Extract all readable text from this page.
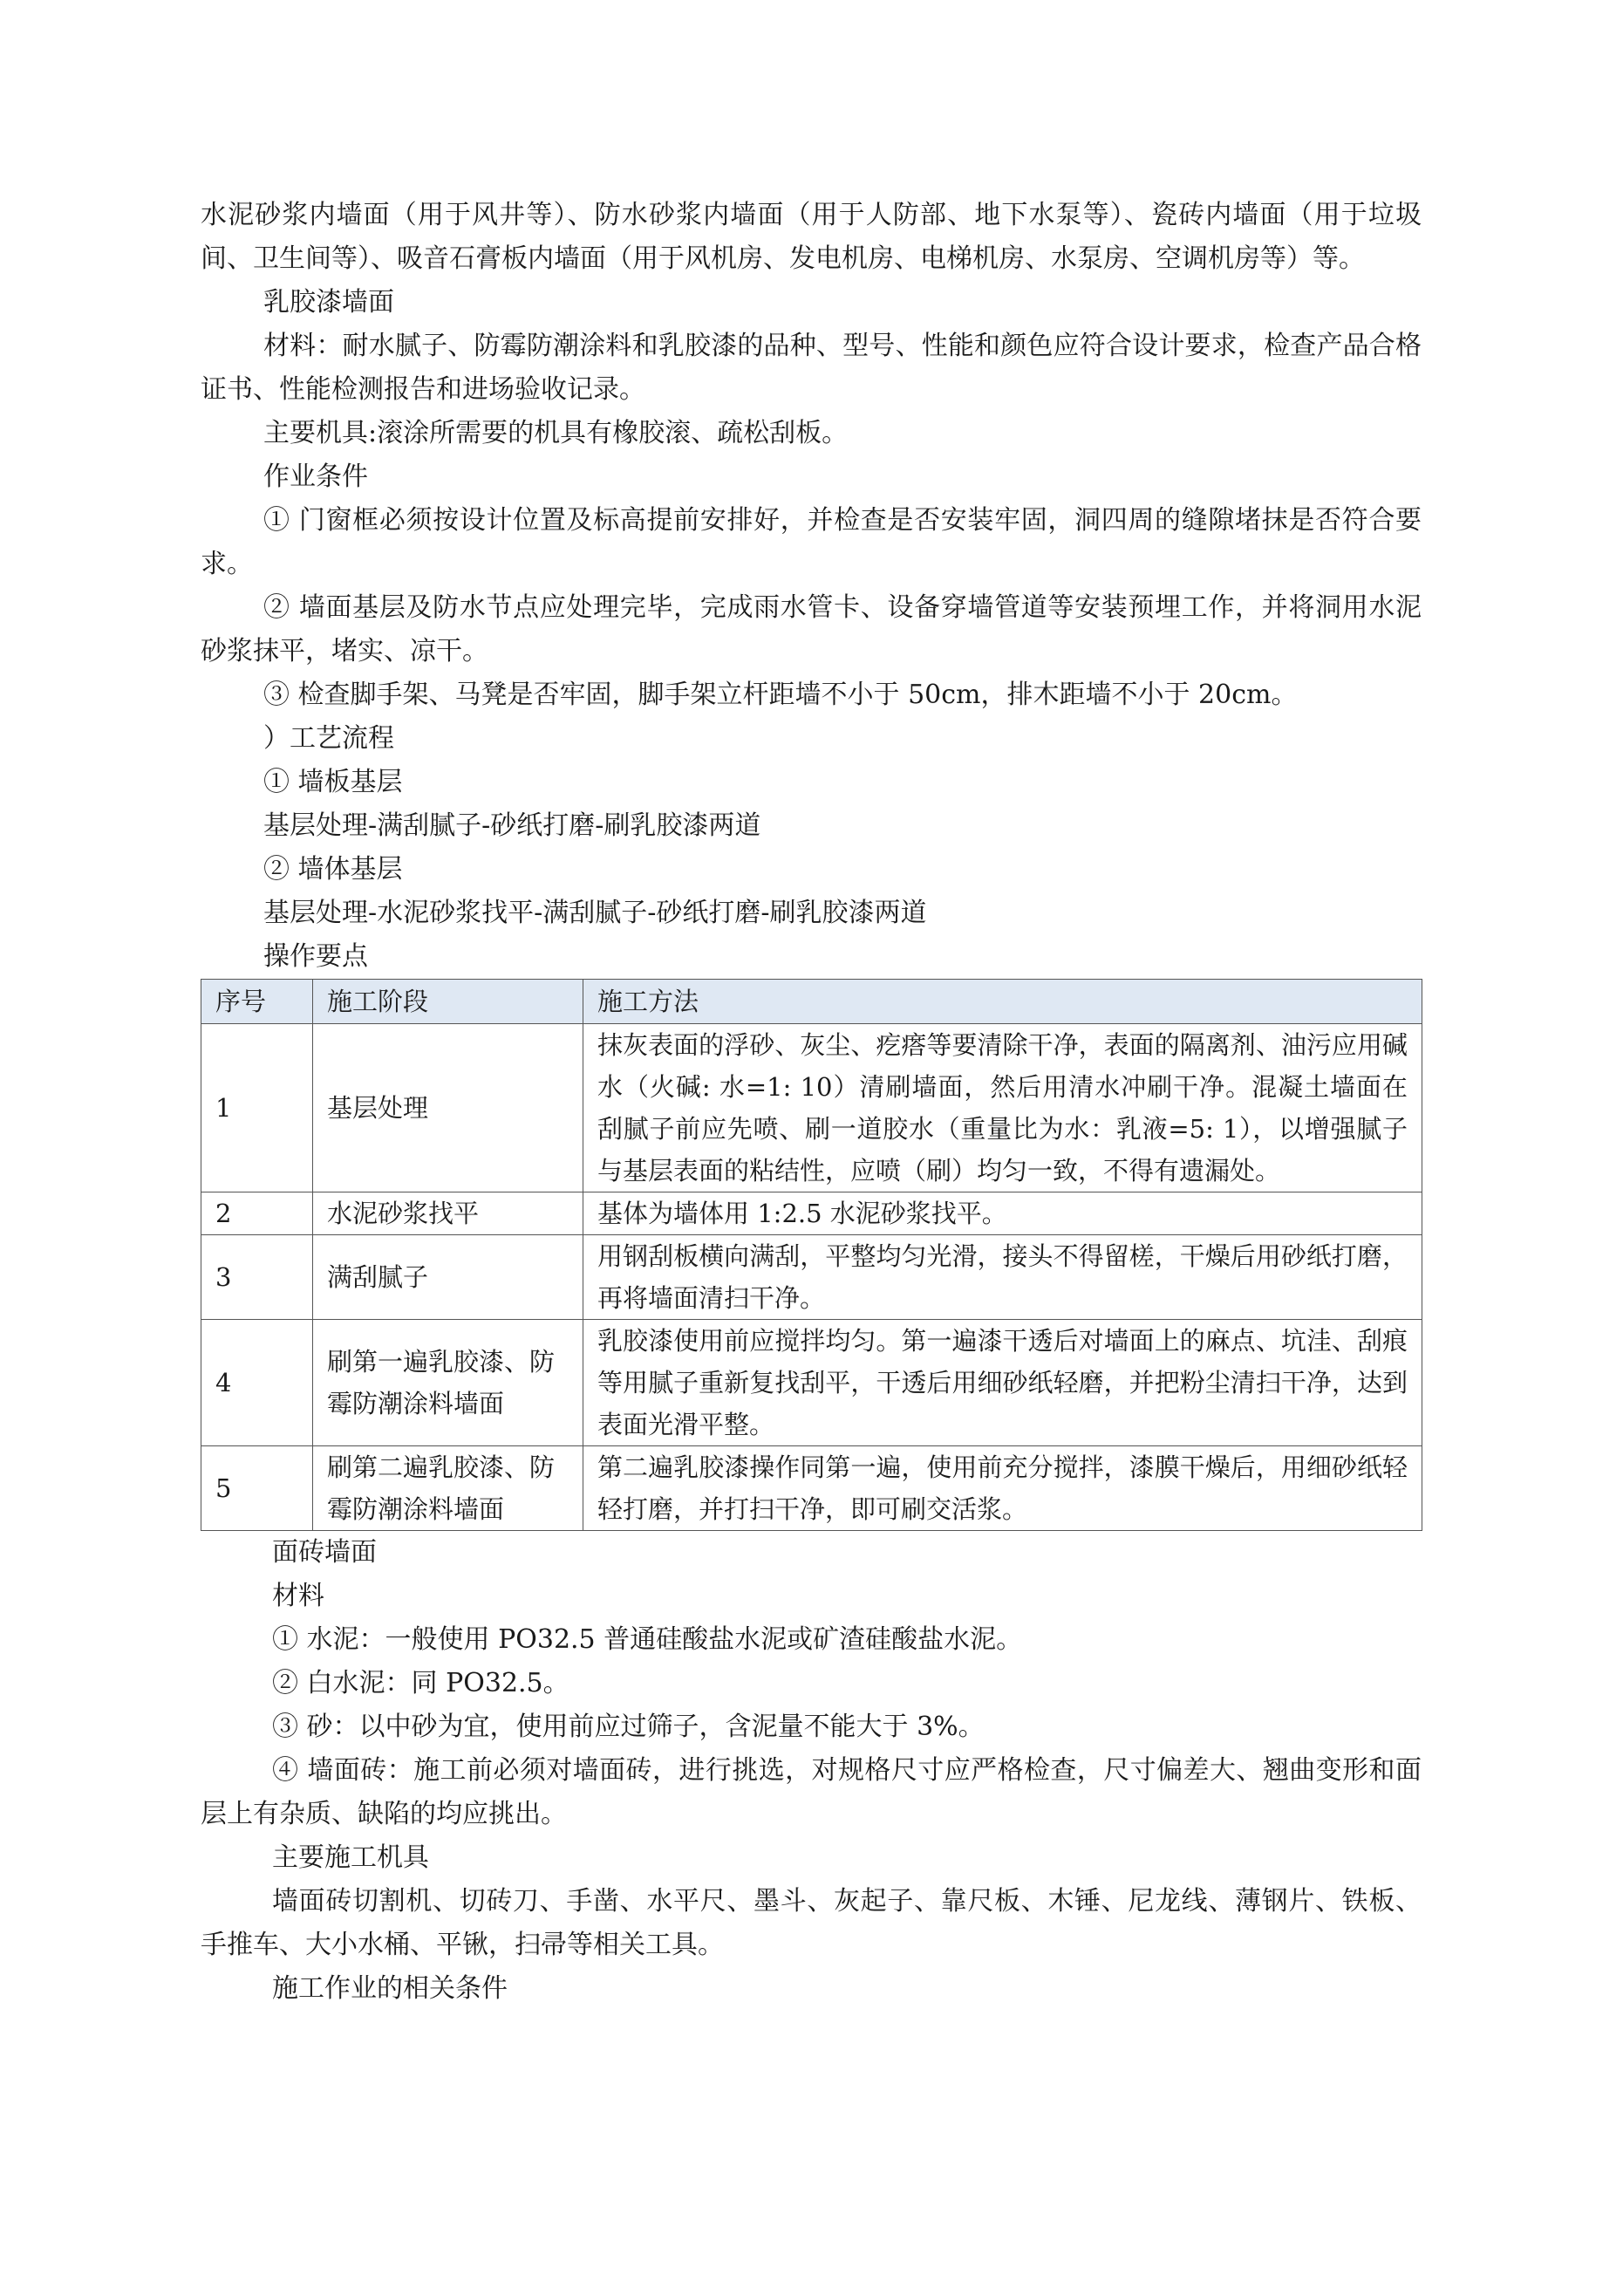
水泥砂浆内墙面（用于风井等）、防水砂浆内墙面（用于人防部、地下水泵等）、瓷砖内墙面（用于垃圾间、卫生间等）、吸音石膏板内墙面（用于风机房、发电机房、电梯机房、水泵房、空调机房等）等。

乳胶漆墙面

材料：耐水腻子、防霉防潮涂料和乳胶漆的品种、型号、性能和颜色应符合设计要求，检查产品合格证书、性能检测报告和进场验收记录。

主要机具:滚涂所需要的机具有橡胶滚、疏松刮板。

作业条件

① 门窗框必须按设计位置及标高提前安排好，并检查是否安装牢固，洞四周的缝隙堵抹是否符合要求。

② 墙面基层及防水节点应处理完毕，完成雨水管卡、设备穿墙管道等安装预埋工作，并将洞用水泥砂浆抹平，堵实、凉干。

③ 检查脚手架、马凳是否牢固，脚手架立杆距墙不小于 50cm，排木距墙不小于 20cm。

）工艺流程

① 墙板基层

基层处理-满刮腻子-砂纸打磨-刷乳胶漆两道

② 墙体基层

基层处理-水泥砂浆找平-满刮腻子-砂纸打磨-刷乳胶漆两道

操作要点

序号	施工阶段	施工方法
1	基层处理	抹灰表面的浮砂、灰尘、疙瘩等要清除干净，表面的隔离剂、油污应用碱水（火碱: 水=1: 10）清刷墙面，然后用清水冲刷干净。混凝土墙面在刮腻子前应先喷、刷一道胶水（重量比为水：乳液=5: 1），以增强腻子与基层表面的粘结性，应喷（刷）均匀一致，不得有遗漏处。
2	水泥砂浆找平	基体为墙体用 1:2.5 水泥砂浆找平。
3	满刮腻子	用钢刮板横向满刮，平整均匀光滑，接头不得留槎，干燥后用砂纸打磨，再将墙面清扫干净。
4	刷第一遍乳胶漆、防霉防潮涂料墙面	乳胶漆使用前应搅拌均匀。第一遍漆干透后对墙面上的麻点、坑洼、刮痕等用腻子重新复找刮平，干透后用细砂纸轻磨，并把粉尘清扫干净，达到表面光滑平整。
5	刷第二遍乳胶漆、防霉防潮涂料墙面	第二遍乳胶漆操作同第一遍，使用前充分搅拌，漆膜干燥后，用细砂纸轻轻打磨，并打扫干净，即可刷交活浆。

面砖墙面

材料

① 水泥：一般使用 PO32.5 普通硅酸盐水泥或矿渣硅酸盐水泥。

② 白水泥：同 PO32.5。

③ 砂：以中砂为宜，使用前应过筛子，含泥量不能大于 3%。

④ 墙面砖：施工前必须对墙面砖，进行挑选，对规格尺寸应严格检查，尺寸偏差大、翘曲变形和面层上有杂质、缺陷的均应挑出。

主要施工机具

墙面砖切割机、切砖刀、手凿、水平尺、墨斗、灰起子、靠尺板、木锤、尼龙线、薄钢片、铁板、手推车、大小水桶、平锹，扫帚等相关工具。

施工作业的相关条件
